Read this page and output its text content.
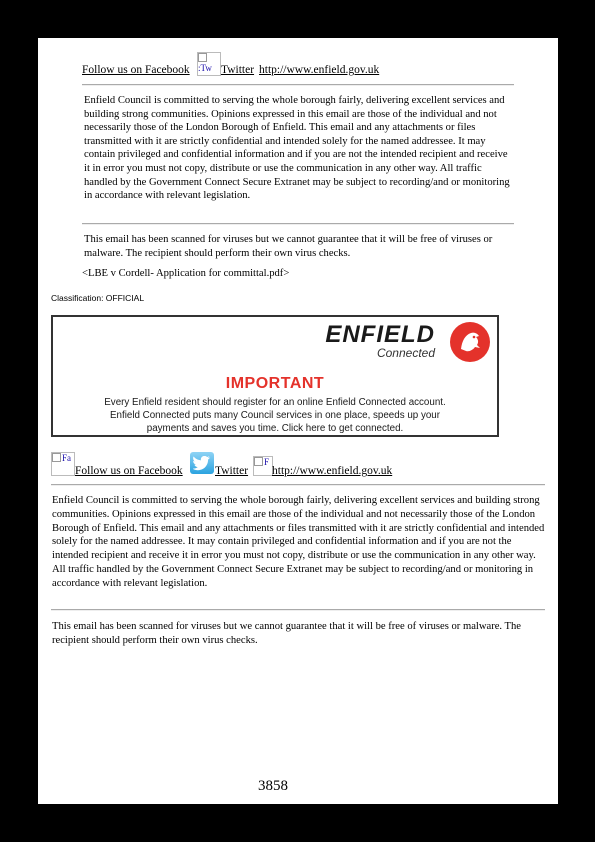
Follow us on Facebook :Tw Twitter http://www.enfield.gov.uk
Enfield Council is committed to serving the whole borough fairly, delivering excellent services and building strong communities. Opinions expressed in this email are those of the individual and not necessarily those of the London Borough of Enfield. This email and any attachments or files transmitted with it are strictly confidential and intended solely for the named addressee. It may contain privileged and confidential information and if you are not the intended recipient and receive it in error you must not copy, distribute or use the communication in any other way. All traffic handled by the Government Connect Secure Extranet may be subject to recording/and or monitoring in accordance with relevant legislation.
This email has been scanned for viruses but we cannot guarantee that it will be free of viruses or malware. The recipient should perform their own virus checks.
<LBE v Cordell- Application for committal.pdf>
Classification: OFFICIAL
ENFIELD
Connected
IMPORTANT
Every Enfield resident should register for an online Enfield Connected account.
Enfield Connected puts many Council services in one place, speeds up your
payments and saves you time. Click here to get connected.
Fa
Follow us on Facebook	Twitter
F
http://www.enfield.gov.uk
Enfield Council is committed to serving the whole borough fairly, delivering excellent services and building strong communities. Opinions expressed in this email are those of the individual and not necessarily those of the London Borough of Enfield. This email and any attachments or files transmitted with it are strictly confidential and intended solely for the named addressee. It may contain privileged and confidential information and if you are not the intended recipient and receive it in error you must not copy, distribute or use the communication in any other way. All traffic handled by the Government Connect Secure Extranet may be subject to recording/and or monitoring in accordance with relevant legislation.
This email has been scanned for viruses but we cannot guarantee that it will be free of viruses or malware. The recipient should perform their own virus checks.
3858
